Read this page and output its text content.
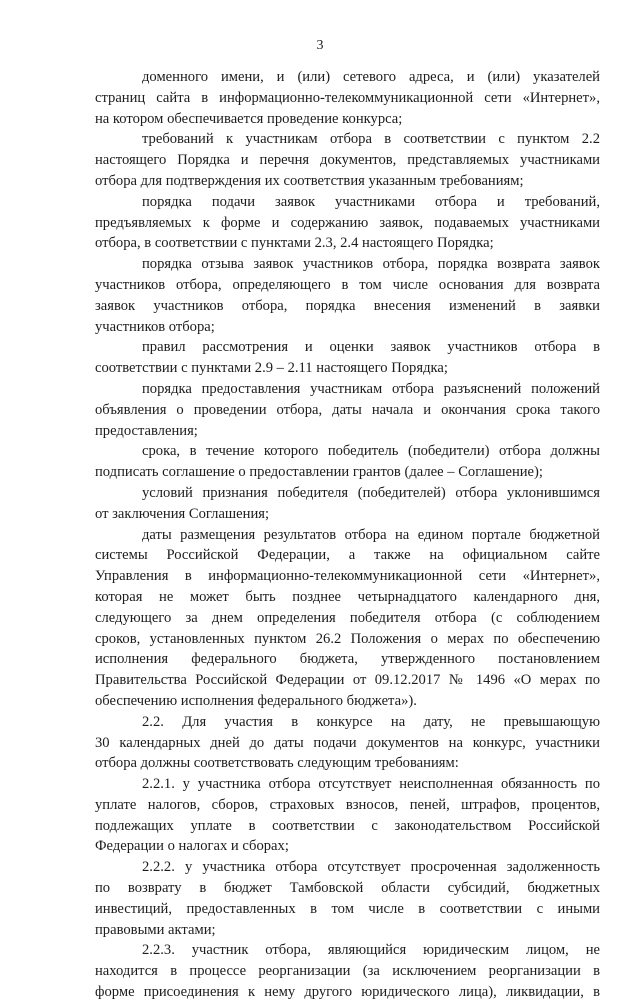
3
доменного имени, и (или) сетевого адреса, и (или) указателей
страниц сайта в информационно-телекоммуникационной сети «Интернет»,
на котором обеспечивается проведение конкурса;
требований к участникам отбора в соответствии с пунктом 2.2
настоящего Порядка и перечня документов, представляемых участниками
отбора для подтверждения их соответствия указанным требованиям;
порядка подачи заявок участниками отбора и требований,
предъявляемых к форме и содержанию заявок, подаваемых участниками
отбора, в соответствии с пунктами 2.3, 2.4 настоящего Порядка;
порядка отзыва заявок участников отбора, порядка возврата заявок
участников отбора, определяющего в том числе основания для возврата
заявок участников отбора, порядка внесения изменений в заявки
участников отбора;
правил рассмотрения и оценки заявок участников отбора в
соответствии с пунктами 2.9 – 2.11 настоящего Порядка;
порядка предоставления участникам отбора разъяснений положений
объявления о проведении отбора, даты начала и окончания срока такого
предоставления;
срока, в течение которого победитель (победители) отбора должны
подписать соглашение о предоставлении грантов (далее – Соглашение);
условий признания победителя (победителей) отбора уклонившимся
от заключения Соглашения;
даты размещения результатов отбора на едином портале бюджетной
системы Российской Федерации, а также на официальном сайте
Управления в информационно-телекоммуникационной сети «Интернет»,
которая не может быть позднее четырнадцатого календарного дня,
следующего за днем определения победителя отбора (с соблюдением
сроков, установленных пунктом 26.2 Положения о мерах по обеспечению
исполнения федерального бюджета, утвержденного постановлением
Правительства Российской Федерации от 09.12.2017 № 1496 «О мерах по
обеспечению исполнения федерального бюджета»).
2.2. Для участия в конкурсе на дату, не превышающую
30 календарных дней до даты подачи документов на конкурс, участники
отбора должны соответствовать следующим требованиям:
2.2.1. у участника отбора отсутствует неисполненная обязанность по
уплате налогов, сборов, страховых взносов, пеней, штрафов, процентов,
подлежащих уплате в соответствии с законодательством Российской
Федерации о налогах и сборах;
2.2.2. у участника отбора отсутствует просроченная задолженность
по возврату в бюджет Тамбовской области субсидий, бюджетных
инвестиций, предоставленных в том числе в соответствии с иными
правовыми актами;
2.2.3. участник отбора, являющийся юридическим лицом, не
находится в процессе реорганизации (за исключением реорганизации в
форме присоединения к нему другого юридического лица), ликвидации, в
